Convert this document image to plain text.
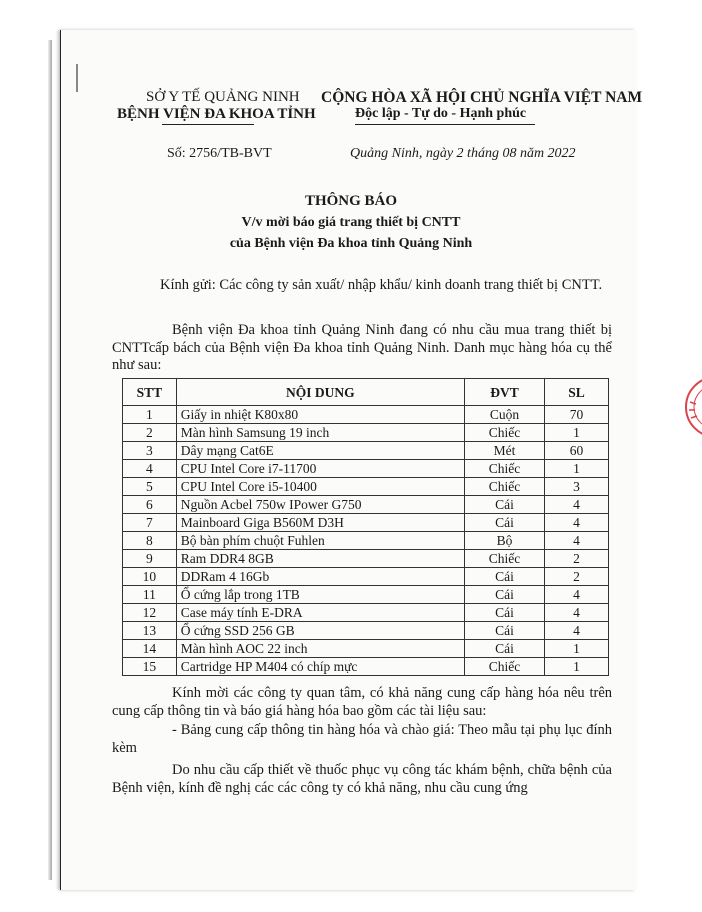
SỞ Y TẾ QUẢNG NINH
BỆNH VIỆN ĐA KHOA TỈNH
CỘNG HÒA XÃ HỘI CHỦ NGHĨA VIỆT NAM
Độc lập - Tự do - Hạnh phúc
Số: 2756/TB-BVT	Quảng Ninh, ngày 2 tháng 08 năm 2022
THÔNG BÁO
V/v mời báo giá trang thiết bị CNTT
của Bệnh viện Đa khoa tỉnh Quảng Ninh
Kính gửi: Các công ty sản xuất/ nhập khẩu/ kinh doanh trang thiết bị CNTT.
Bệnh viện Đa khoa tỉnh Quảng Ninh đang có nhu cầu mua trang thiết bị CNTTcấp bách của Bệnh viện Đa khoa tỉnh Quảng Ninh. Danh mục hàng hóa cụ thể như sau:
STT	NỘI DUNG	ĐVT	SL
1	Giấy in nhiệt K80x80	Cuộn	70
2	Màn hình Samsung 19 inch	Chiếc	1
3	Dây mạng Cat6E	Mét	60
4	CPU Intel Core i7-11700	Chiếc	1
5	CPU Intel Core i5-10400	Chiếc	3
6	Nguồn Acbel 750w IPower G750	Cái	4
7	Mainboard Giga B560M D3H	Cái	4
8	Bộ bàn phím chuột Fuhlen	Bộ	4
9	Ram DDR4 8GB	Chiếc	2
10	DDRam 4 16Gb	Cái	2
11	Ổ cứng lắp trong 1TB	Cái	4
12	Case máy tính E-DRA	Cái	4
13	Ổ cứng SSD 256 GB	Cái	4
14	Màn hình AOC 22 inch	Cái	1
15	Cartridge HP M404 có chíp mực	Chiếc	1
Kính mời các công ty quan tâm, có khả năng cung cấp hàng hóa nêu trên cung cấp thông tin và báo giá hàng hóa bao gồm các tài liệu sau:
- Bảng cung cấp thông tin hàng hóa và chào giá: Theo mẫu tại phụ lục đính kèm
Do nhu cầu cấp thiết về thuốc phục vụ công tác khám bệnh, chữa bệnh của Bệnh viện, kính đề nghị các các công ty có khả năng, nhu cầu cung ứng
